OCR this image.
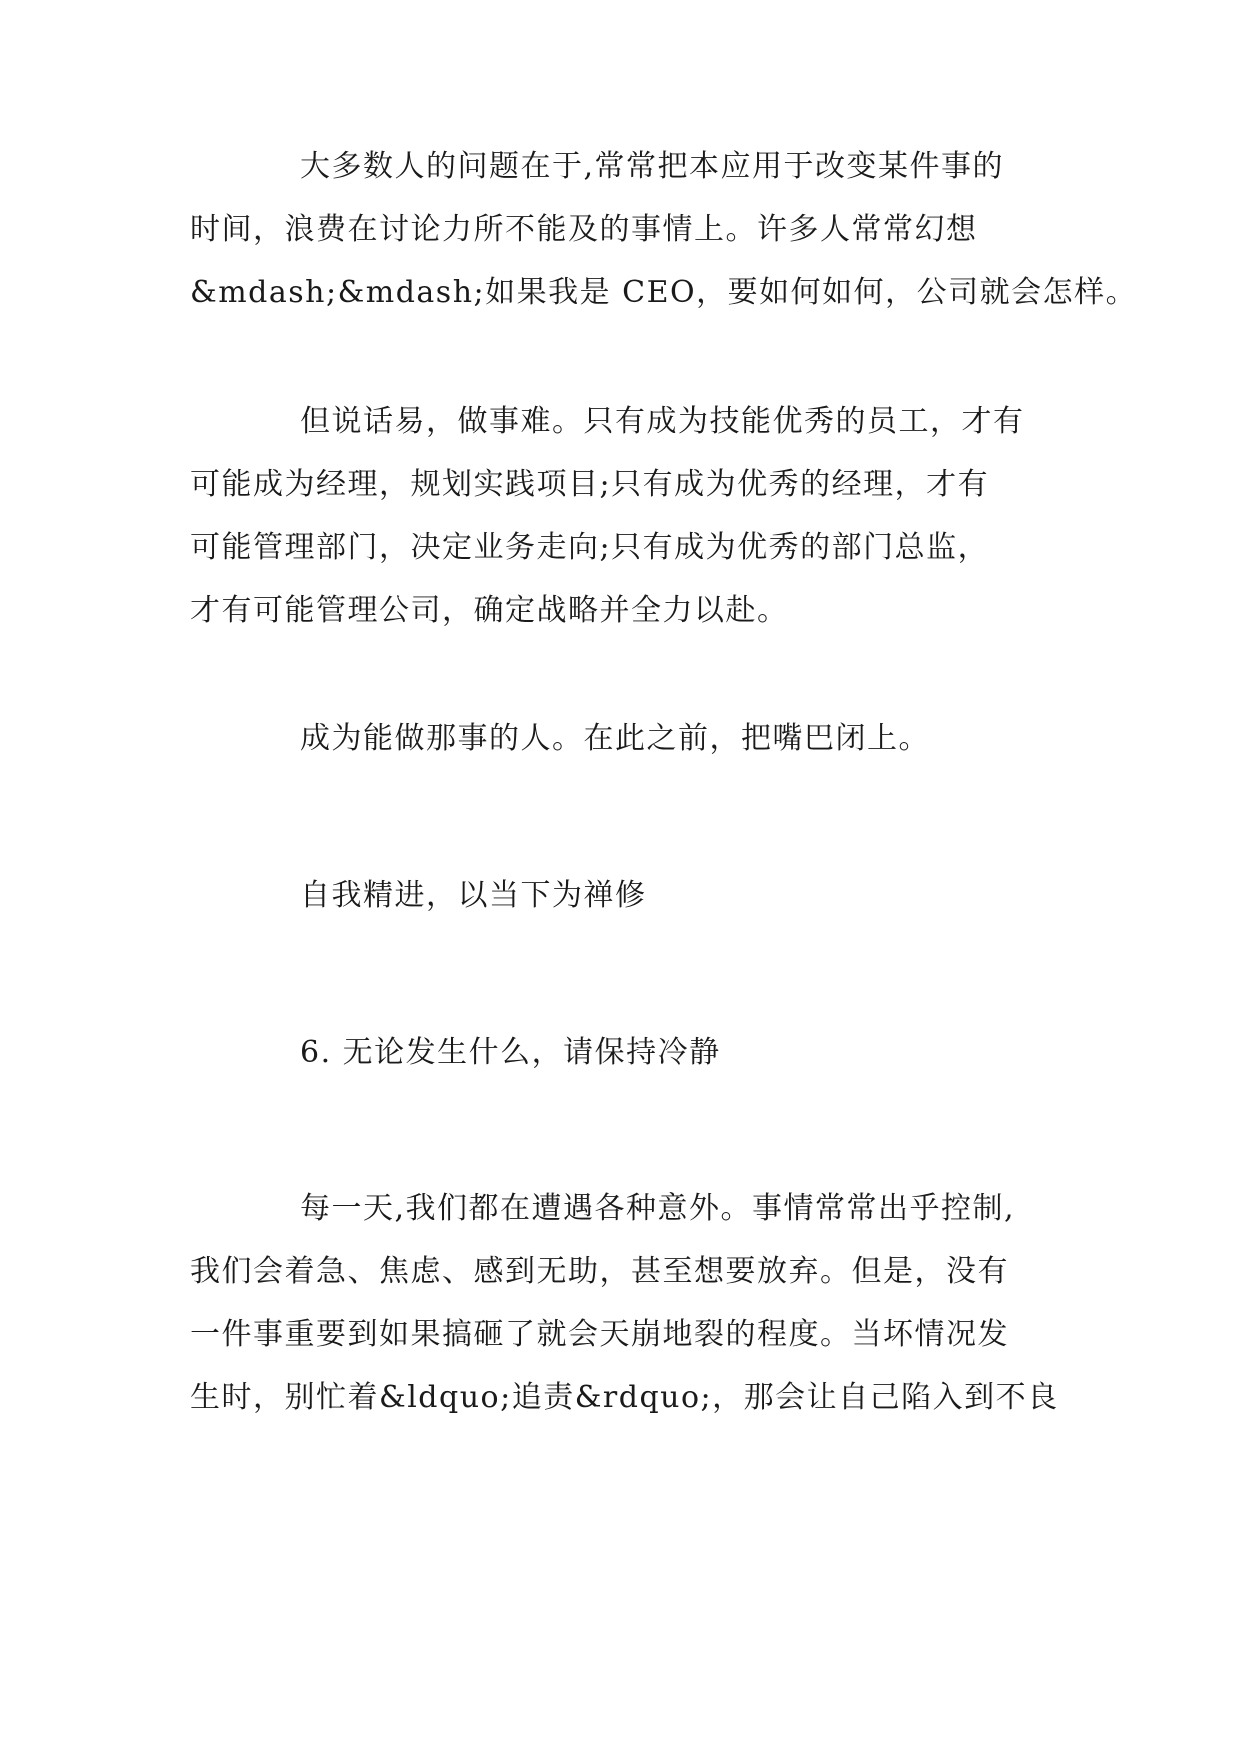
大多数人的问题在于,常常把本应用于改变某件事的
时间，浪费在讨论力所不能及的事情上。许多人常常幻想
&mdash;&mdash;如果我是 CEO，要如何如何，公司就会怎样。

但说话易，做事难。只有成为技能优秀的员工，才有
可能成为经理，规划实践项目;只有成为优秀的经理，才有
可能管理部门，决定业务走向;只有成为优秀的部门总监，
才有可能管理公司，确定战略并全力以赴。

成为能做那事的人。在此之前，把嘴巴闭上。

自我精进，以当下为禅修

6. 无论发生什么，请保持冷静

每一天,我们都在遭遇各种意外。事情常常出乎控制,
我们会着急、焦虑、感到无助，甚至想要放弃。但是，没有
一件事重要到如果搞砸了就会天崩地裂的程度。当坏情况发
生时，别忙着&ldquo;追责&rdquo;，那会让自己陷入到不良
